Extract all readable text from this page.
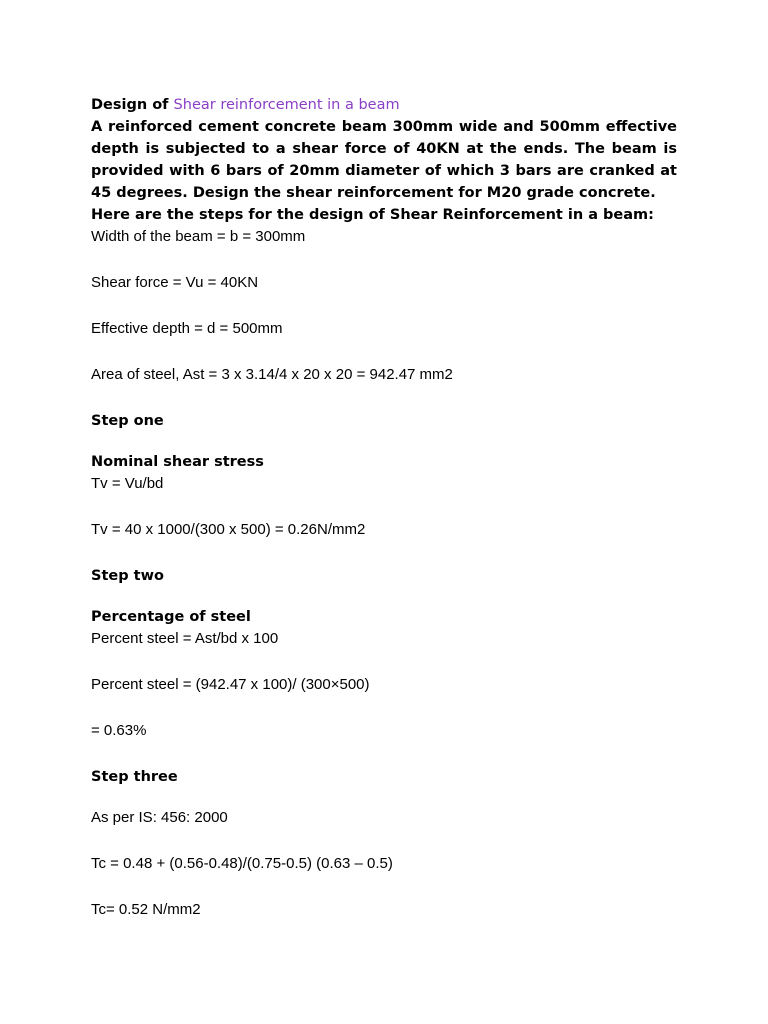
Design of Shear reinforcement in a beam

A reinforced cement concrete beam 300mm wide and 500mm effective depth is subjected to a shear force of 40KN at the ends. The beam is provided with 6 bars of 20mm diameter of which 3 bars are cranked at 45 degrees. Design the shear reinforcement for M20 grade concrete.

Here are the steps for the design of Shear Reinforcement in a beam:

Width of the beam = b = 300mm

Shear force = Vu = 40KN

Effective depth = d = 500mm

Area of steel, Ast = 3 x 3.14/4 x 20 x 20 = 942.47 mm2

Step one

Nominal shear stress

Tv = Vu/bd

Tv = 40 x 1000/(300 x 500) = 0.26N/mm2

Step two

Percentage of steel

Percent steel = Ast/bd x 100

Percent steel = (942.47 x 100)/ (300×500)

= 0.63%

Step three

As per IS: 456: 2000

Tc = 0.48 + (0.56-0.48)/(0.75-0.5) (0.63 – 0.5)

Tc= 0.52 N/mm2
